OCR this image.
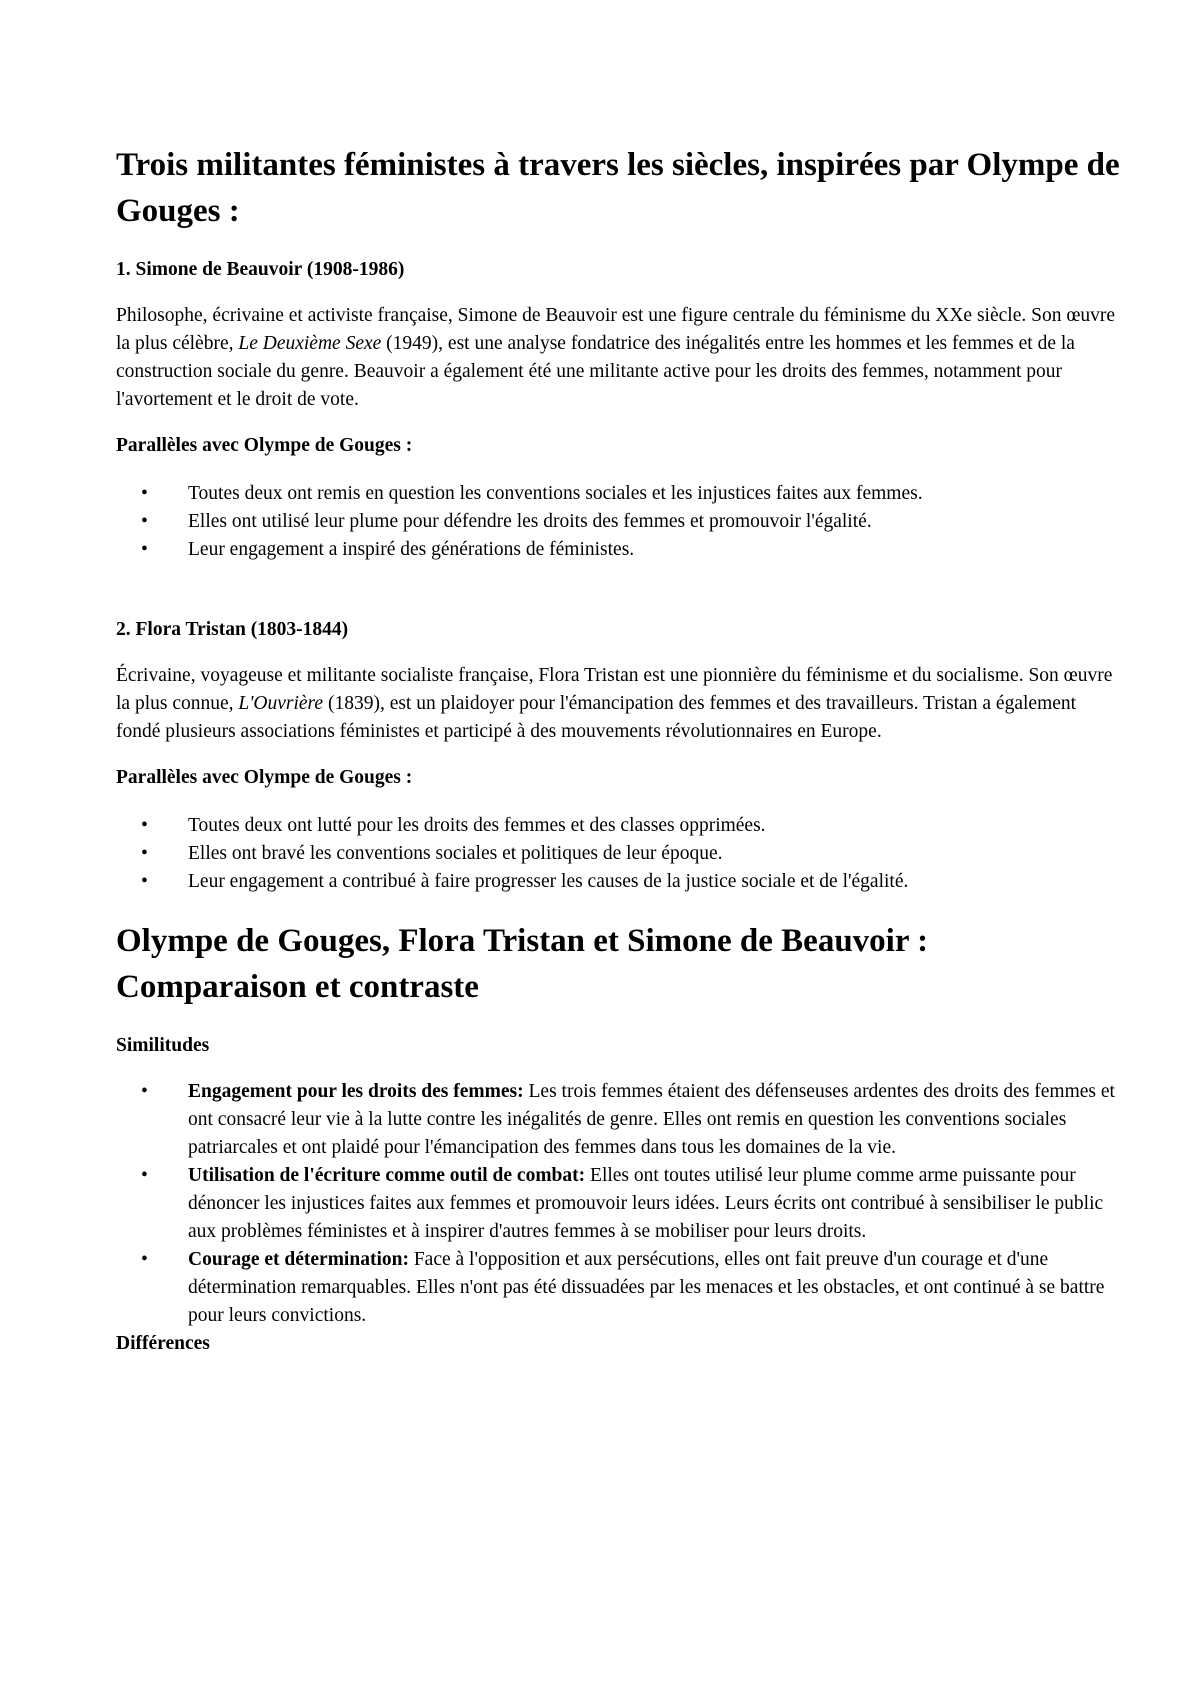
Trois militantes féministes à travers les siècles, inspirées par Olympe de Gouges :
1. Simone de Beauvoir (1908-1986)

Philosophe, écrivaine et activiste française, Simone de Beauvoir est une figure centrale du féminisme du XXe siècle. Son œuvre la plus célèbre, Le Deuxième Sexe (1949), est une analyse fondatrice des inégalités entre les hommes et les femmes et de la construction sociale du genre. Beauvoir a également été une militante active pour les droits des femmes, notamment pour l'avortement et le droit de vote.

Parallèles avec Olympe de Gouges :

• Toutes deux ont remis en question les conventions sociales et les injustices faites aux femmes.
• Elles ont utilisé leur plume pour défendre les droits des femmes et promouvoir l'égalité.
• Leur engagement a inspiré des générations de féministes.
2. Flora Tristan (1803-1844)

Écrivaine, voyageuse et militante socialiste française, Flora Tristan est une pionnière du féminisme et du socialisme. Son œuvre la plus connue, L'Ouvrière (1839), est un plaidoyer pour l'émancipation des femmes et des travailleurs. Tristan a également fondé plusieurs associations féministes et participé à des mouvements révolutionnaires en Europe.

Parallèles avec Olympe de Gouges :

• Toutes deux ont lutté pour les droits des femmes et des classes opprimées.
• Elles ont bravé les conventions sociales et politiques de leur époque.
• Leur engagement a contribué à faire progresser les causes de la justice sociale et de l'égalité.
Olympe de Gouges, Flora Tristan et Simone de Beauvoir : Comparaison et contraste
Similitudes
• Engagement pour les droits des femmes: Les trois femmes étaient des défenseuses ardentes des droits des femmes et ont consacré leur vie à la lutte contre les inégalités de genre. Elles ont remis en question les conventions sociales patriarcales et ont plaidé pour l'émancipation des femmes dans tous les domaines de la vie.
• Utilisation de l'écriture comme outil de combat: Elles ont toutes utilisé leur plume comme arme puissante pour dénoncer les injustices faites aux femmes et promouvoir leurs idées. Leurs écrits ont contribué à sensibiliser le public aux problèmes féministes et à inspirer d'autres femmes à se mobiliser pour leurs droits.
• Courage et détermination: Face à l'opposition et aux persécutions, elles ont fait preuve d'un courage et d'une détermination remarquables. Elles n'ont pas été dissuadées par les menaces et les obstacles, et ont continué à se battre pour leurs convictions.
Différences
